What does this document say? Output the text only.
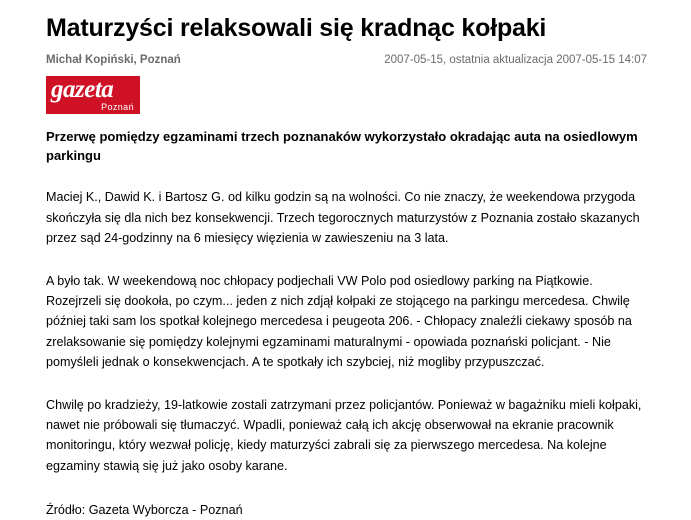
Maturzyści relaksowali się kradnąc kołpaki
Michał Kopiński, Poznań	2007-05-15, ostatnia aktualizacja 2007-05-15 14:07
gazeta
Poznań

Przerwę pomiędzy egzaminami trzech poznanaków wykorzystało okradając auta na osiedlowym parkingu

Maciej K., Dawid K. i Bartosz G. od kilku godzin są na wolności. Co nie znaczy, że weekendowa przygoda skończyła się dla nich bez konsekwencji. Trzech tegorocznych maturzystów z Poznania zostało skazanych przez sąd 24-godzinny na 6 miesięcy więzienia w zawieszeniu na 3 lata.

A było tak. W weekendową noc chłopacy podjechali VW Polo pod osiedlowy parking na Piątkowie. Rozejrzeli się dookoła, po czym... jeden z nich zdjął kołpaki ze stojącego na parkingu mercedesa. Chwilę później taki sam los spotkał kolejnego mercedesa i peugeota 206. - Chłopacy znaleźli ciekawy sposób na zrelaksowanie się pomiędzy kolejnymi egzaminami maturalnymi - opowiada poznański policjant. - Nie pomyśleli jednak o konsekwencjach. A te spotkały ich szybciej, niż mogliby przypuszczać.

Chwilę po kradzieży, 19-latkowie zostali zatrzymani przez policjantów. Ponieważ w bagażniku mieli kołpaki, nawet nie próbowali się tłumaczyć. Wpadli, ponieważ całą ich akcję obserwował na ekranie pracownik monitoringu, który wezwał policję, kiedy maturzyści zabrali się za pierwszego mercedesa. Na kolejne egzaminy stawią się już jako osoby karane.

Źródło: Gazeta Wyborcza - Poznań
